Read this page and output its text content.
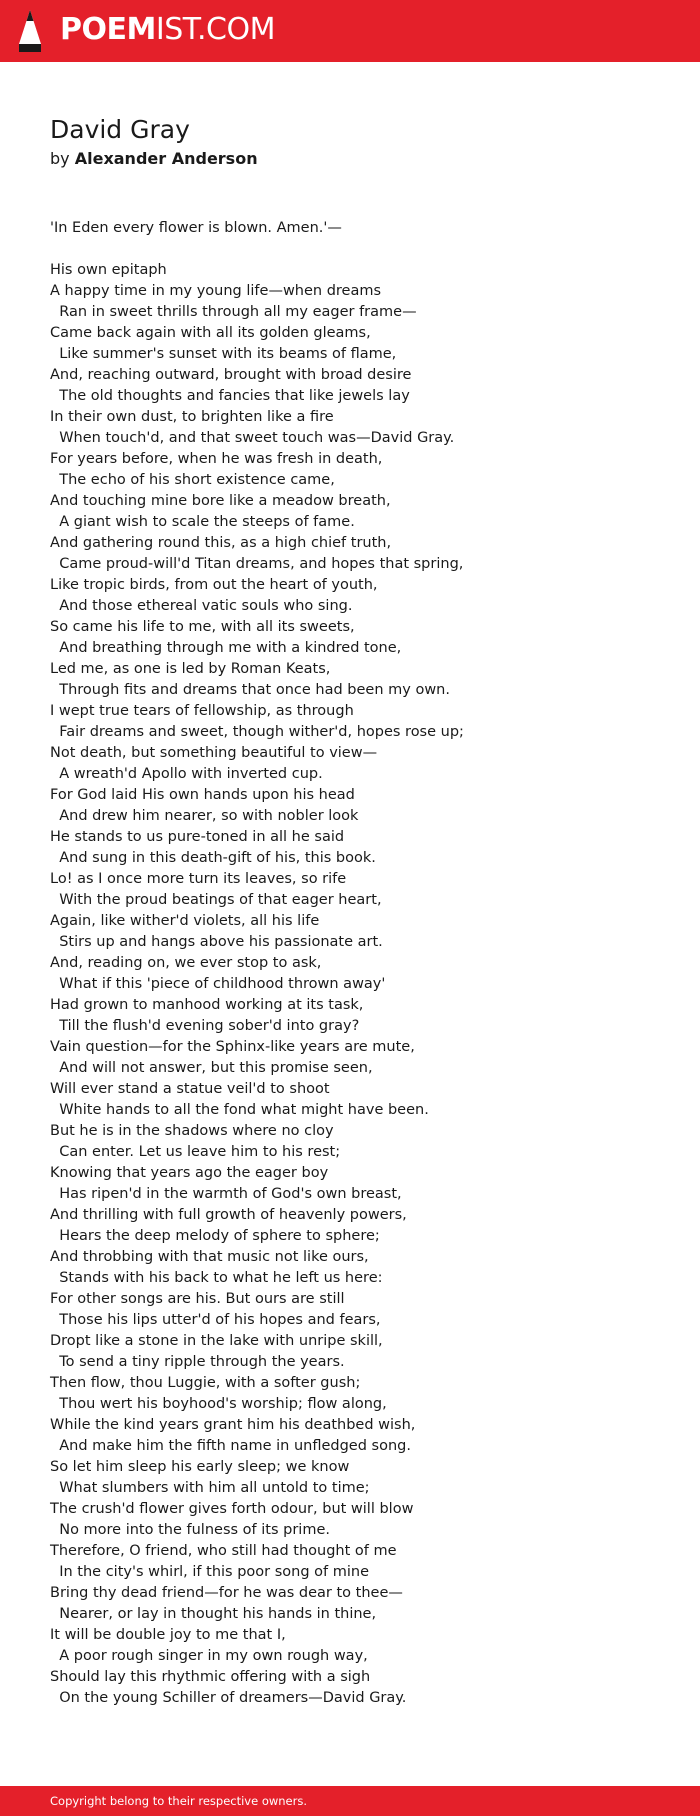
POEMIST.COM
David Gray
by Alexander Anderson
'In Eden every flower is blown. Amen.'—
His own epitaph
A happy time in my young life—when dreams
Ran in sweet thrills through all my eager frame—
Came back again with all its golden gleams,
Like summer's sunset with its beams of flame,
And, reaching outward, brought with broad desire
The old thoughts and fancies that like jewels lay
In their own dust, to brighten like a fire
When touch'd, and that sweet touch was—David Gray.
For years before, when he was fresh in death,
The echo of his short existence came,
And touching mine bore like a meadow breath,
A giant wish to scale the steeps of fame.
And gathering round this, as a high chief truth,
Came proud-will'd Titan dreams, and hopes that spring,
Like tropic birds, from out the heart of youth,
And those ethereal vatic souls who sing.
So came his life to me, with all its sweets,
And breathing through me with a kindred tone,
Led me, as one is led by Roman Keats,
Through fits and dreams that once had been my own.
I wept true tears of fellowship, as through
Fair dreams and sweet, though wither'd, hopes rose up;
Not death, but something beautiful to view—
A wreath'd Apollo with inverted cup.
For God laid His own hands upon his head
And drew him nearer, so with nobler look
He stands to us pure-toned in all he said
And sung in this death-gift of his, this book.
Lo! as I once more turn its leaves, so rife
With the proud beatings of that eager heart,
Again, like wither'd violets, all his life
Stirs up and hangs above his passionate art.
And, reading on, we ever stop to ask,
What if this 'piece of childhood thrown away'
Had grown to manhood working at its task,
Till the flush'd evening sober'd into gray?
Vain question—for the Sphinx-like years are mute,
And will not answer, but this promise seen,
Will ever stand a statue veil'd to shoot
White hands to all the fond what might have been.
But he is in the shadows where no cloy
Can enter. Let us leave him to his rest;
Knowing that years ago the eager boy
Has ripen'd in the warmth of God's own breast,
And thrilling with full growth of heavenly powers,
Hears the deep melody of sphere to sphere;
And throbbing with that music not like ours,
Stands with his back to what he left us here:
For other songs are his. But ours are still
Those his lips utter'd of his hopes and fears,
Dropt like a stone in the lake with unripe skill,
To send a tiny ripple through the years.
Then flow, thou Luggie, with a softer gush;
Thou wert his boyhood's worship; flow along,
While the kind years grant him his deathbed wish,
And make him the fifth name in unfledged song.
So let him sleep his early sleep; we know
What slumbers with him all untold to time;
The crush'd flower gives forth odour, but will blow
No more into the fulness of its prime.
Therefore, O friend, who still had thought of me
In the city's whirl, if this poor song of mine
Bring thy dead friend—for he was dear to thee—
Nearer, or lay in thought his hands in thine,
It will be double joy to me that I,
A poor rough singer in my own rough way,
Should lay this rhythmic offering with a sigh
On the young Schiller of dreamers—David Gray.
Copyright belong to their respective owners.
